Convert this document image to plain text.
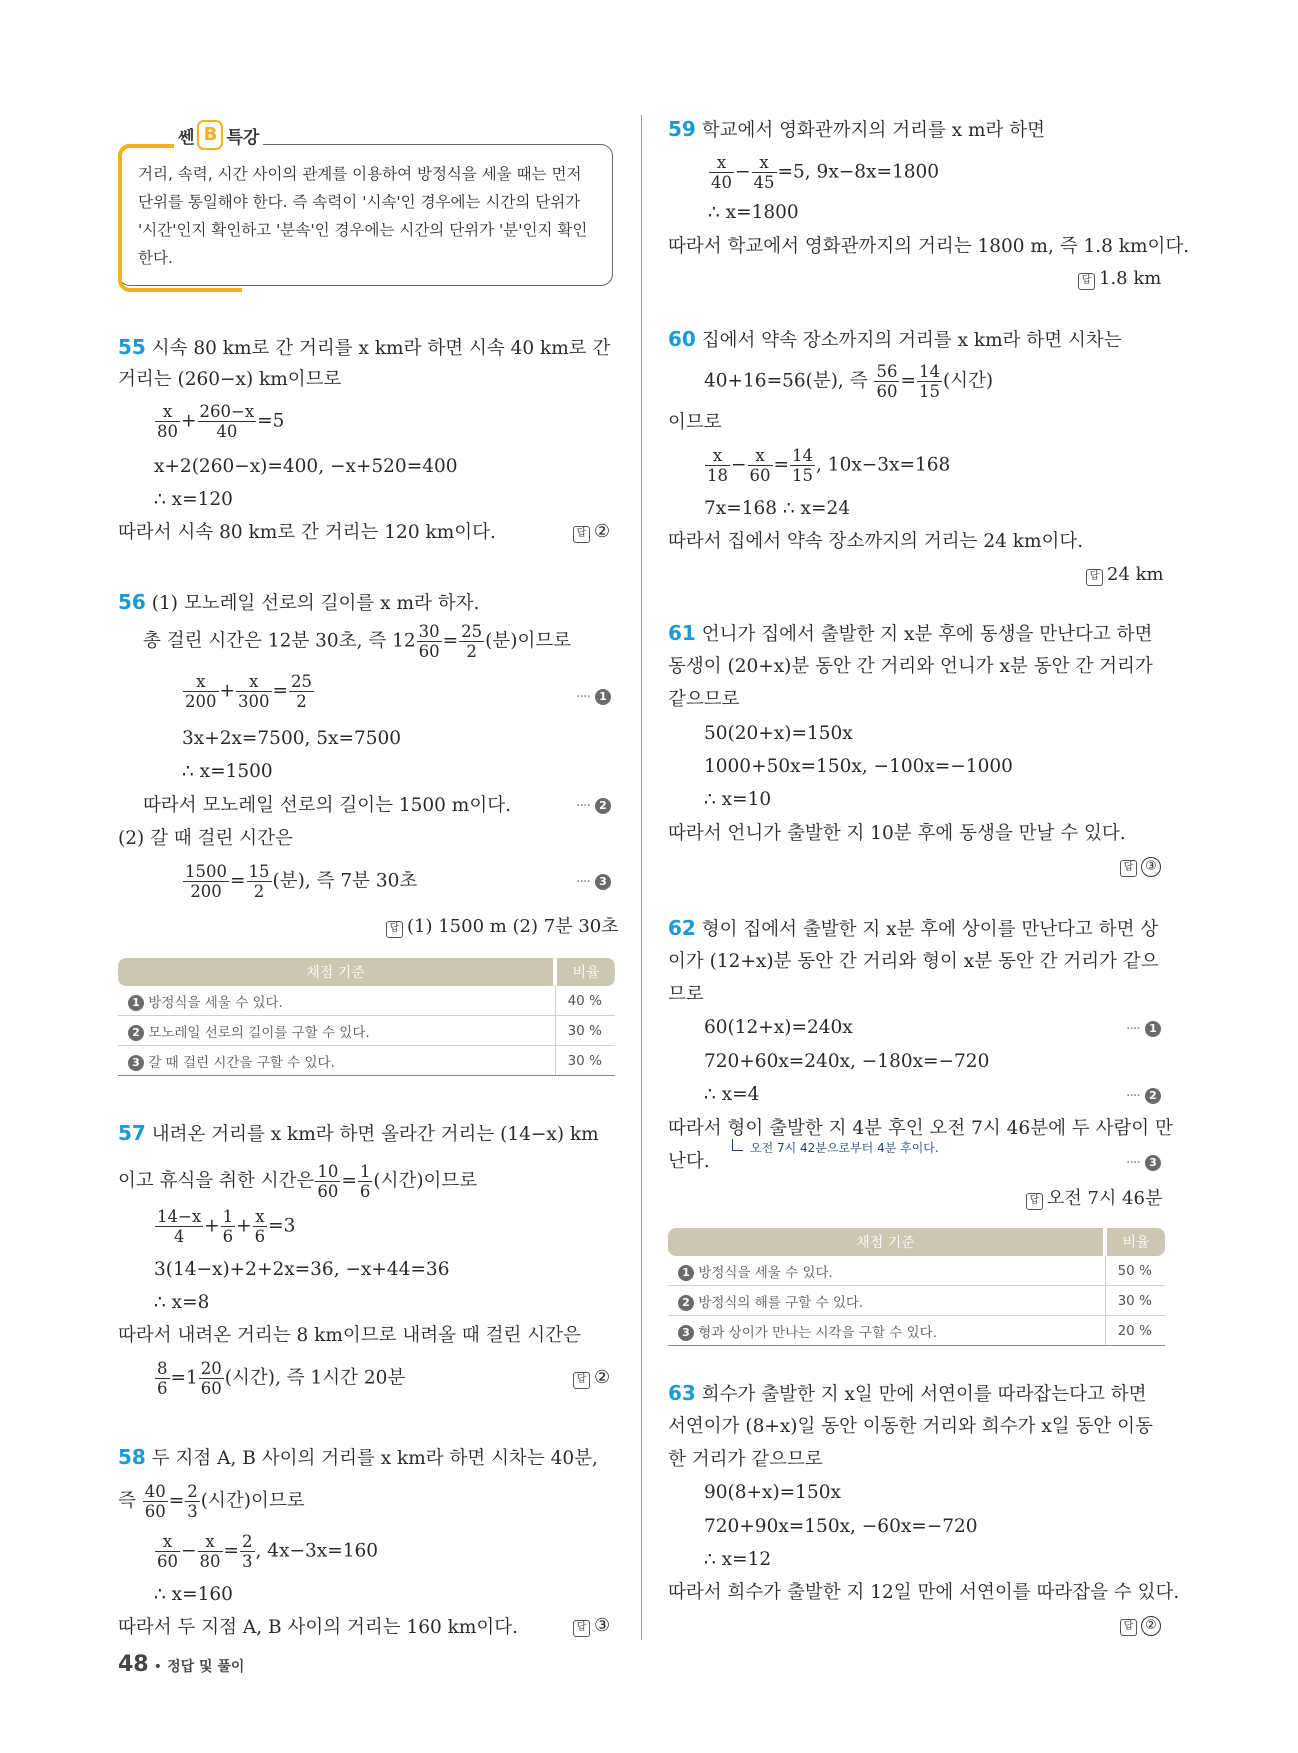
쎈 B 특강
거리, 속력, 시간 사이의 관계를 이용하여 방정식을 세울 때는 먼저 단위를 통일해야 한다. 즉 속력이 '시속'인 경우에는 시간의 단위가 '시간'인지 확인하고 '분속'인 경우에는 시간의 단위가 '분'인지 확인한다.
55 시속 80 km로 간 거리를 x km라 하면 시속 40 km로 간
거리는 (260−x) km이므로
$\frac{x}{80} + \frac{260-x}{40} =5$
x+2(260−x)=400, −x+520=400
∴ x=120
따라서 시속 80 km로 간 거리는 120 km이다.	답 ②
56 (1) 모노레일 선로의 길이를 x m라 하자.
총 걸린 시간은 12분 30초, 즉 $12 \frac{30}{60} = \frac{25}{2}$ (분)이므로
$\frac{x}{200} + \frac{x}{300} = \frac{25}{2}$	···· 1
3x+2x=7500, 5x=7500
∴ x=1500
따라서 모노레일 선로의 길이는 1500 m이다.	···· 2
(2) 갈 때 걸린 시간은
$\frac{1500}{200} = \frac{15}{2}$ (분), 즉 7분 30초	···· 3
답 (1) 1500 m (2) 7분 30초
채점 기준	비율
1 방정식을 세울 수 있다.	40 %
2 모노레일 선로의 길이를 구할 수 있다.	30 %
3 갈 때 걸린 시간을 구할 수 있다.	30 %
57 내려온 거리를 x km라 하면 올라간 거리는 (14−x) km
이고 휴식을 취한 시간은 $\frac{10}{60} = \frac{1}{6}$ (시간)이므로
$\frac{14-x}{4} + \frac{1}{6} + \frac{x}{6} =3$
3(14−x)+2+2x=36, −x+44=36
∴ x=8
따라서 내려온 거리는 8 km이므로 내려올 때 걸린 시간은
$\frac{8}{6} =1 \frac{20}{60}$ (시간), 즉 1시간 20분	답 ②
58 두 지점 A, B 사이의 거리를 x km라 하면 시차는 40분,
즉 $\frac{40}{60} = \frac{2}{3}$ (시간)이므로
$\frac{x}{60} - \frac{x}{80} = \frac{2}{3}$ , 4x−3x=160
∴ x=160
따라서 두 지점 A, B 사이의 거리는 160 km이다.	답 ③
59 학교에서 영화관까지의 거리를 x m라 하면
$\frac{x}{40} - \frac{x}{45} =5$, 9x−8x=1800
∴ x=1800
따라서 학교에서 영화관까지의 거리는 1800 m, 즉 1.8 km이다.
답 1.8 km
60 집에서 약속 장소까지의 거리를 x km라 하면 시차는
40+16=56(분), 즉 $\frac{56}{60} = \frac{14}{15}$ (시간)
이므로
$\frac{x}{18} - \frac{x}{60} = \frac{14}{15}$ , 10x−3x=168
7x=168 ∴ x=24
따라서 집에서 약속 장소까지의 거리는 24 km이다.
답 24 km
61 언니가 집에서 출발한 지 x분 후에 동생을 만난다고 하면
동생이 (20+x)분 동안 간 거리와 언니가 x분 동안 간 거리가
같으므로
50(20+x)=150x
1000+50x=150x, −100x=−1000
∴ x=10
따라서 언니가 출발한 지 10분 후에 동생을 만날 수 있다.
답 ③
62 형이 집에서 출발한 지 x분 후에 상이를 만난다고 하면 상
이가 (12+x)분 동안 간 거리와 형이 x분 동안 간 거리가 같으
므로
60(12+x)=240x	···· 1
720+60x=240x, −180x=−720
∴ x=4	···· 2
따라서 형이 출발한 지 4분 후인 오전 7시 46분에 두 사람이 만
오전 7시 42분으로부터 4분 후이다.
난다.	···· 3
답 오전 7시 46분
채점 기준	비율
1 방정식을 세울 수 있다.	50 %
2 방정식의 해를 구할 수 있다.	30 %
3 형과 상이가 만나는 시각을 구할 수 있다.	20 %
63 희수가 출발한 지 x일 만에 서연이를 따라잡는다고 하면
서연이가 (8+x)일 동안 이동한 거리와 희수가 x일 동안 이동
한 거리가 같으므로
90(8+x)=150x
720+90x=150x, −60x=−720
∴ x=12
따라서 희수가 출발한 지 12일 만에 서연이를 따라잡을 수 있다.
답 ②
48 • 정답 및 풀이
